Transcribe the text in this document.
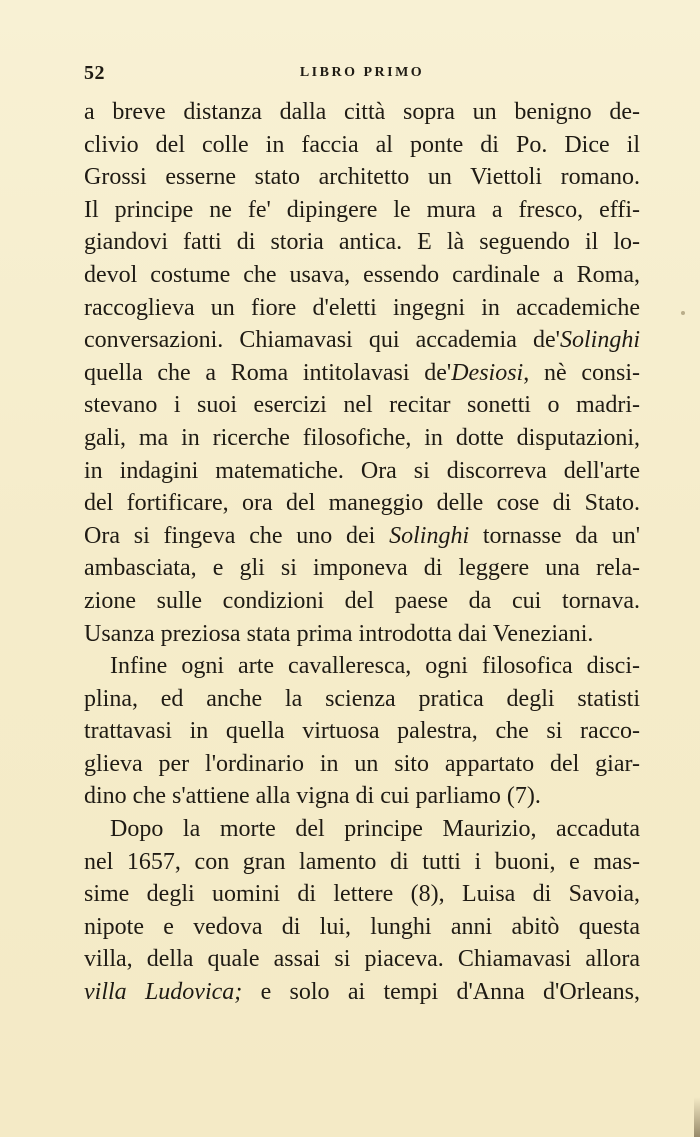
52	LIBRO PRIMO
a breve distanza dalla città sopra un benigno de-
clivio del colle in faccia al ponte di Po. Dice il
Grossi esserne stato architetto un Viettoli romano.
Il principe ne fe' dipingere le mura a fresco, effi-
giandovi fatti di storia antica. E là seguendo il lo-
devol costume che usava, essendo cardinale a Roma,
raccoglieva un fiore d'eletti ingegni in accademiche
conversazioni. Chiamavasi qui accademia de'Solinghi
quella che a Roma intitolavasi de'Desiosi, nè consi-
stevano i suoi esercizi nel recitar sonetti o madri-
gali, ma in ricerche filosofiche, in dotte disputazioni,
in indagini matematiche. Ora si discorreva dell'arte
del fortificare, ora del maneggio delle cose di Stato.
Ora si fingeva che uno dei Solinghi tornasse da un'
ambasciata, e gli si imponeva di leggere una rela-
zione sulle condizioni del paese da cui tornava.
Usanza preziosa stata prima introdotta dai Veneziani.
Infine ogni arte cavalleresca, ogni filosofica disci-
plina, ed anche la scienza pratica degli statisti
trattavasi in quella virtuosa palestra, che si racco-
glieva per l'ordinario in un sito appartato del giar-
dino che s'attiene alla vigna di cui parliamo (7).
Dopo la morte del principe Maurizio, accaduta
nel 1657, con gran lamento di tutti i buoni, e mas-
sime degli uomini di lettere (8), Luisa di Savoia,
nipote e vedova di lui, lunghi anni abitò questa
villa, della quale assai si piaceva. Chiamavasi allora
villa Ludovica; e solo ai tempi d'Anna d'Orleans,
